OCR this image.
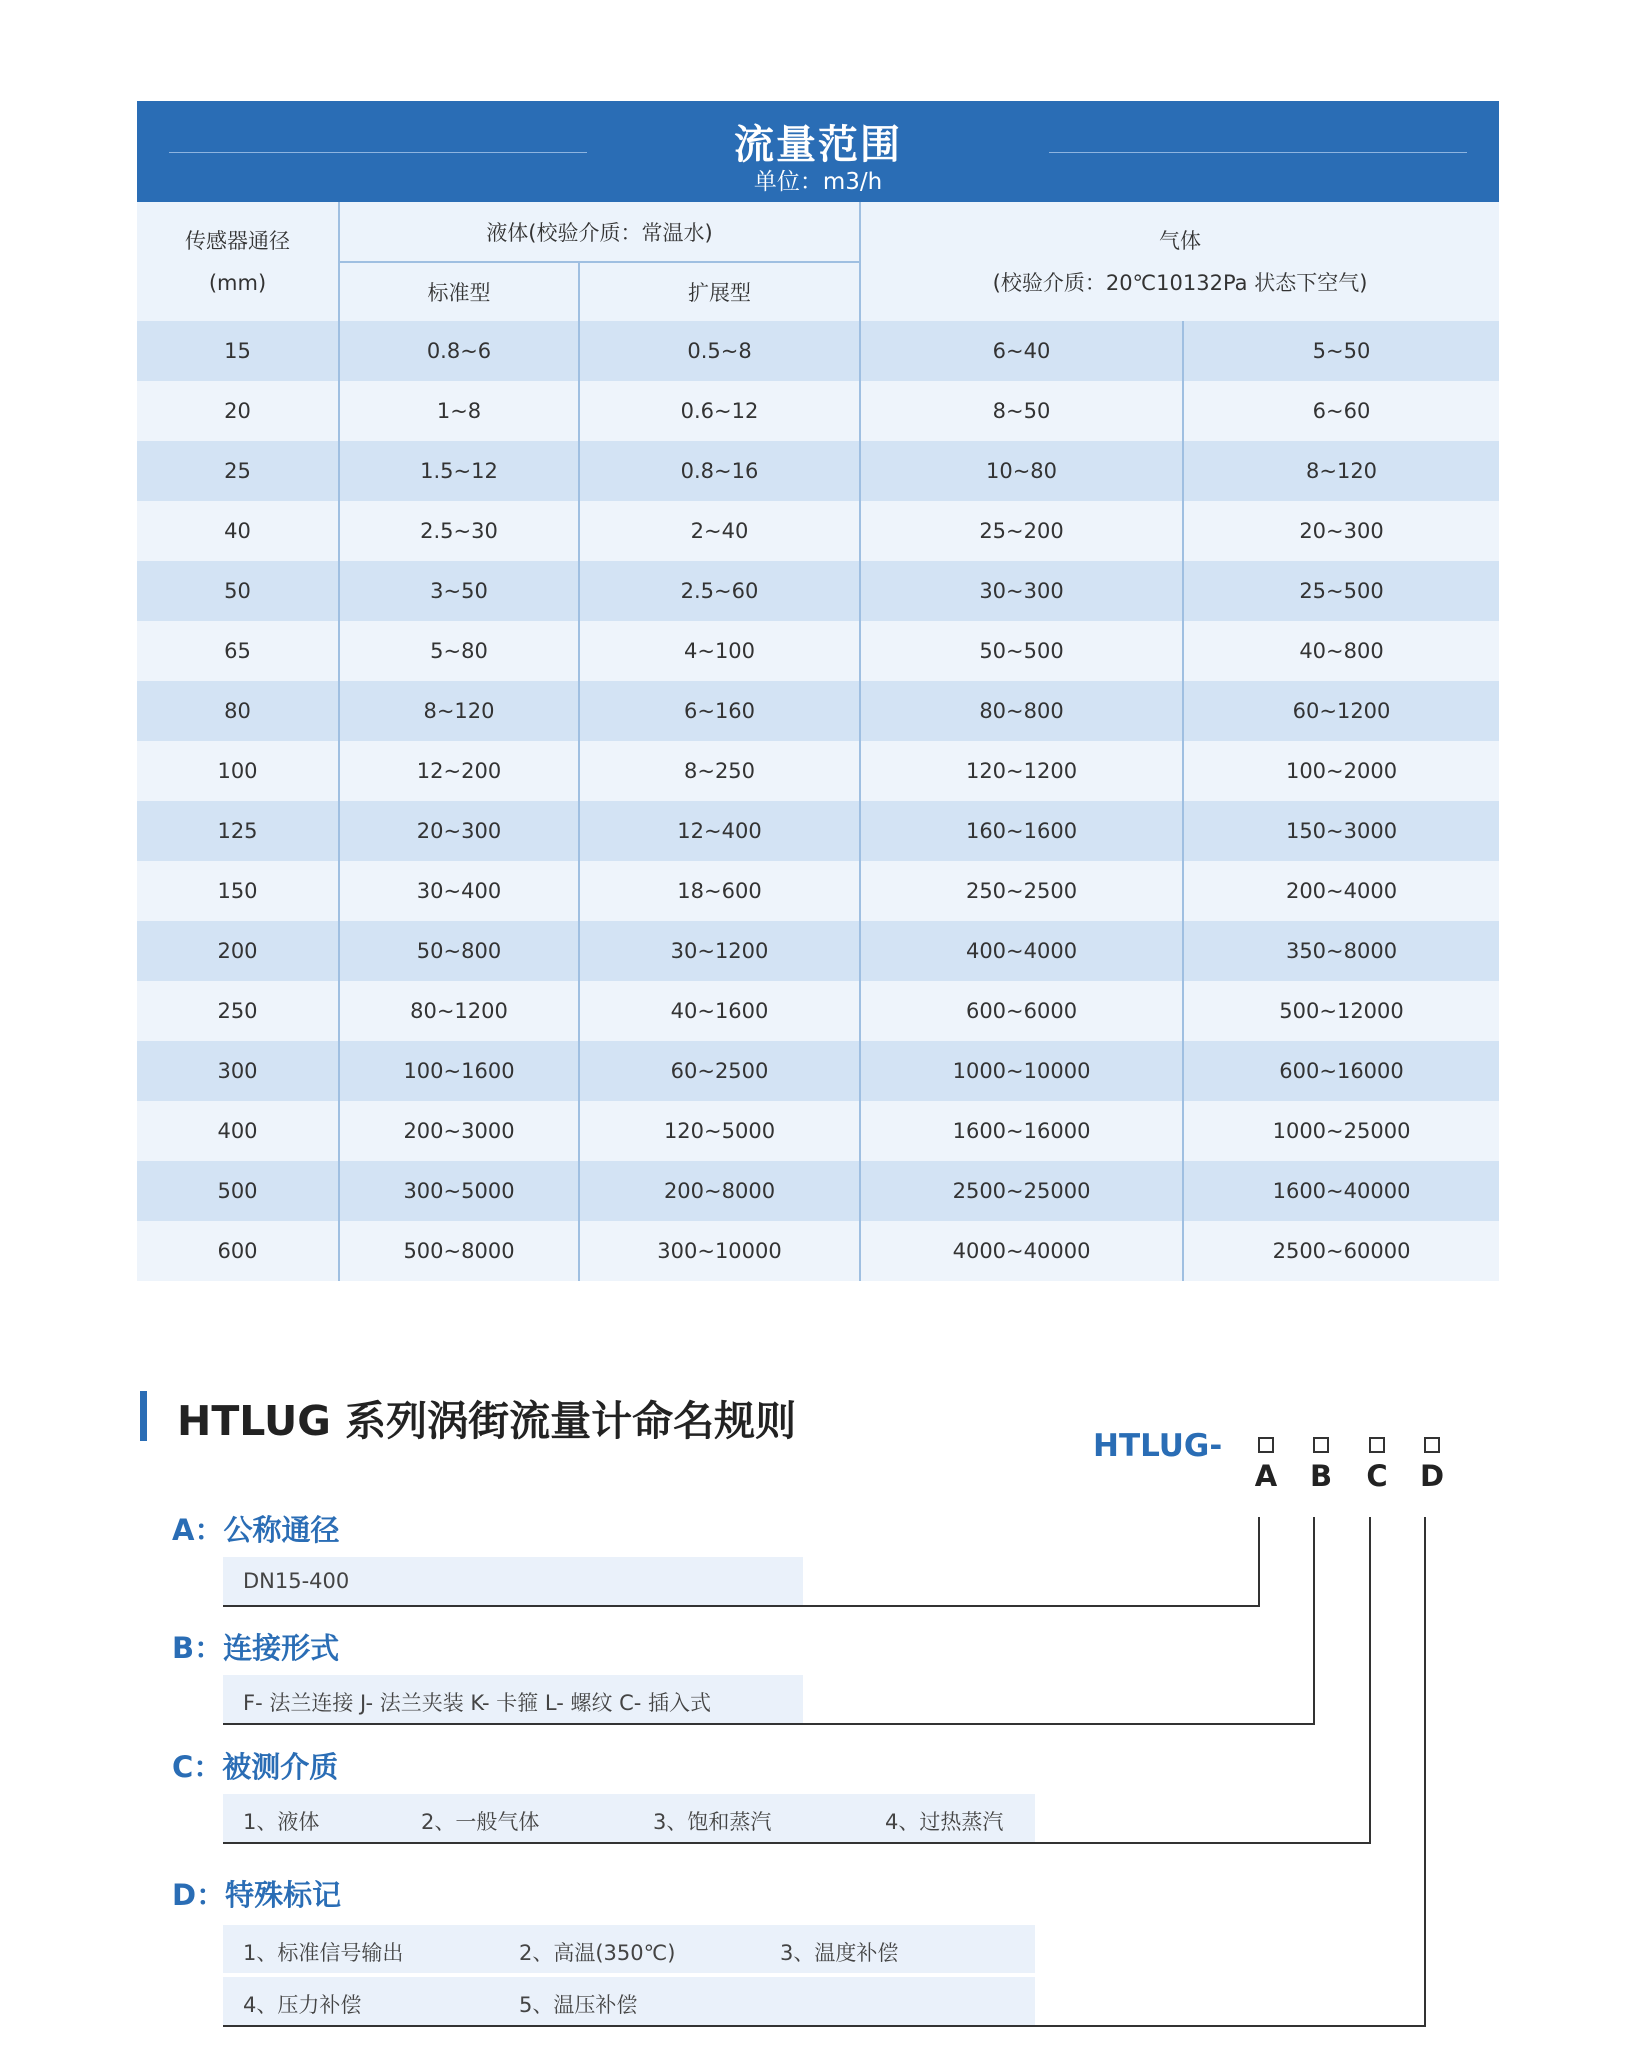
流量范围
单位：m3/h
传感器通径
(mm)	液体(校验介质：常温水)		气体
(校验介质：20℃10132Pa 状态下空气)	

	标准型	扩展型		
15	0.8~6	0.5~8	6~40	5~50
20	1~8	0.6~12	8~50	6~60
25	1.5~12	0.8~16	10~80	8~120
40	2.5~30	2~40	25~200	20~300
50	3~50	2.5~60	30~300	25~500
65	5~80	4~100	50~500	40~800
80	8~120	6~160	80~800	60~1200
100	12~200	8~250	120~1200	100~2000
125	20~300	12~400	160~1600	150~3000
150	30~400	18~600	250~2500	200~4000
200	50~800	30~1200	400~4000	350~8000
250	80~1200	40~1600	600~6000	500~12000
300	100~1600	60~2500	1000~10000	600~16000
400	200~3000	120~5000	1600~16000	1000~25000
500	300~5000	200~8000	2500~25000	1600~40000
600	500~8000	300~10000	4000~40000	2500~60000
HTLUG 系列涡街流量计命名规则
HTLUG-
A	B	C	D
A：公称通径
DN15-400
B：连接形式
F- 法兰连接 J- 法兰夹装 K- 卡箍 L- 螺纹 C- 插入式
C：被测介质
1、液体	2、一般气体	3、饱和蒸汽	4、过热蒸汽
D：特殊标记
1、标准信号输出	2、高温(350℃)	3、温度补偿
4、压力补偿	5、温压补偿
